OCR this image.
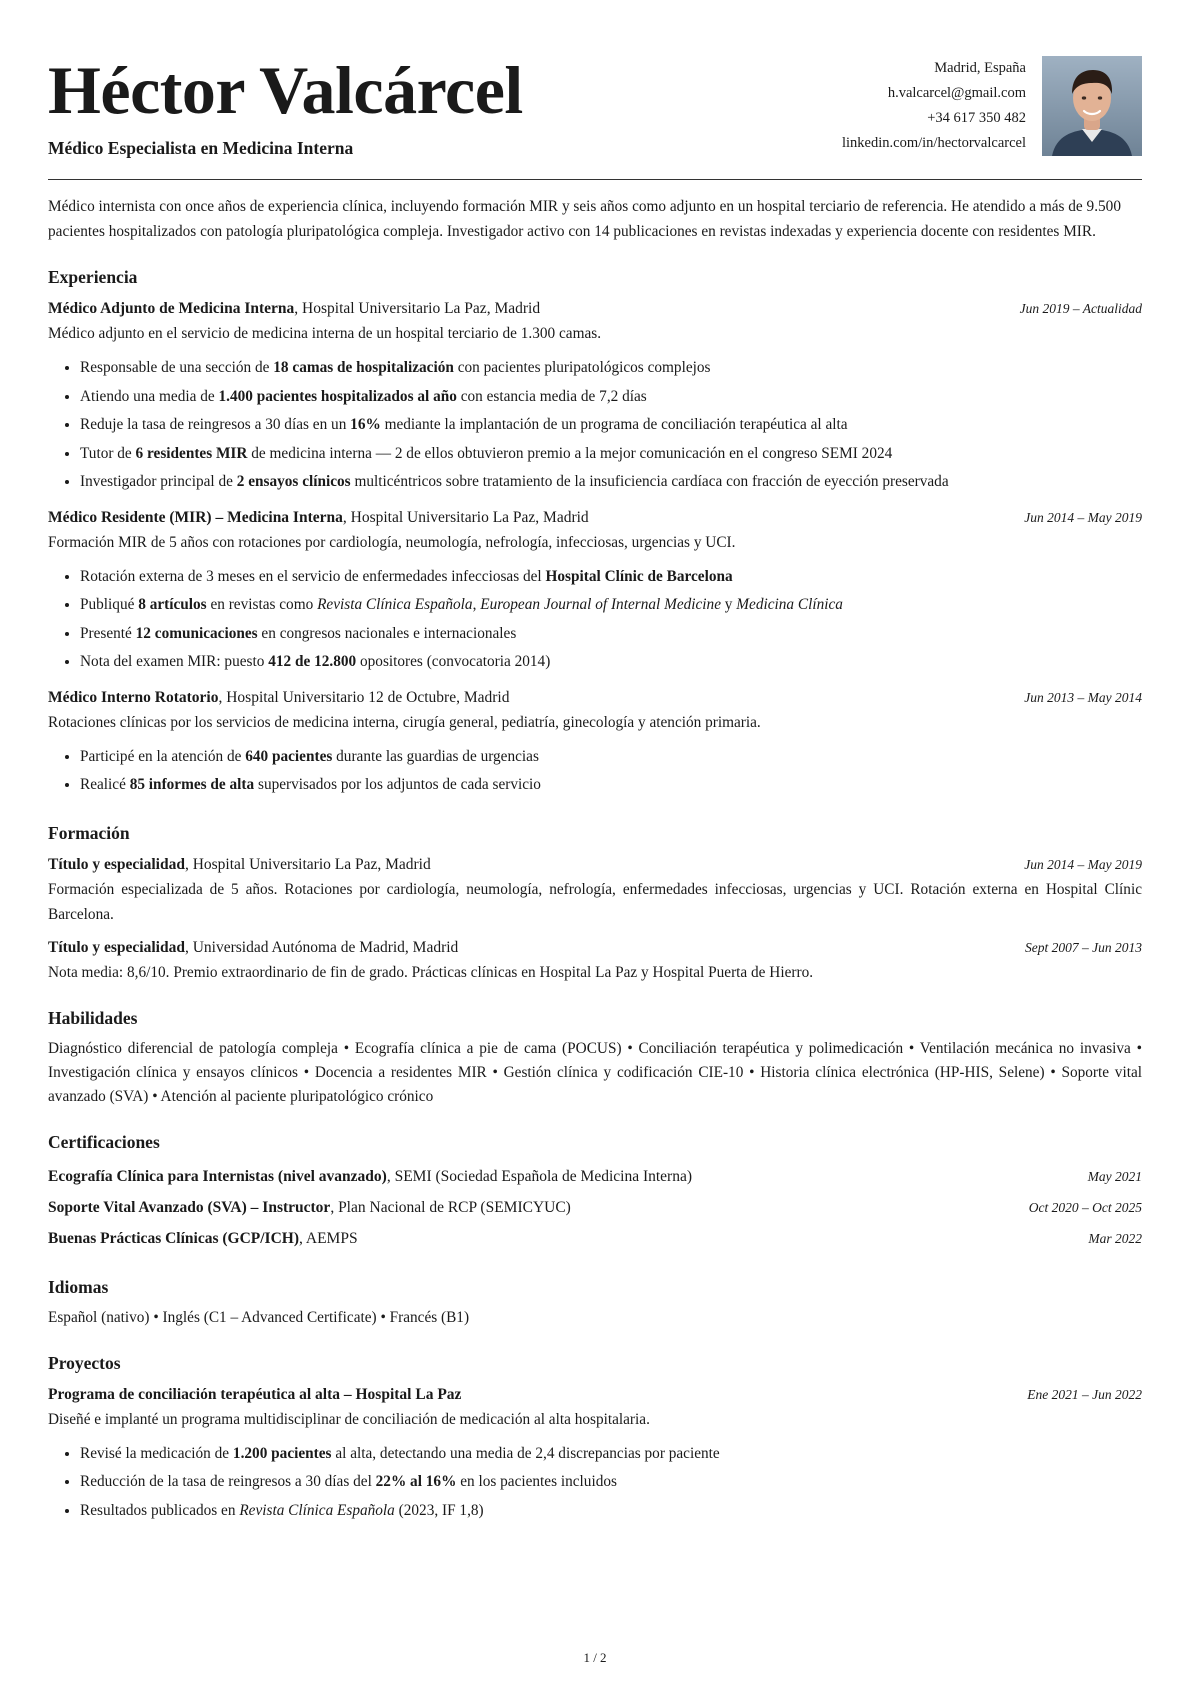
Héctor Valcárcel
Médico Especialista en Medicina Interna
Madrid, España
h.valcarcel@gmail.com
+34 617 350 482
linkedin.com/in/hectorvalcarcel

Médico internista con once años de experiencia clínica, incluyendo formación MIR y seis años como adjunto en un hospital terciario de referencia. He atendido a más de 9.500 pacientes hospitalizados con patología pluripatológica compleja. Investigador activo con 14 publicaciones en revistas indexadas y experiencia docente con residentes MIR.

Experiencia
Médico Adjunto de Medicina Interna, Hospital Universitario La Paz, Madrid	Jun 2019 – Actualidad
Médico adjunto en el servicio de medicina interna de un hospital terciario de 1.300 camas.
• Responsable de una sección de 18 camas de hospitalización con pacientes pluripatológicos complejos
• Atiendo una media de 1.400 pacientes hospitalizados al año con estancia media de 7,2 días
• Reduje la tasa de reingresos a 30 días en un 16% mediante la implantación de un programa de conciliación terapéutica al alta
• Tutor de 6 residentes MIR de medicina interna — 2 de ellos obtuvieron premio a la mejor comunicación en el congreso SEMI 2024
• Investigador principal de 2 ensayos clínicos multicéntricos sobre tratamiento de la insuficiencia cardíaca con fracción de eyección preservada
Médico Residente (MIR) – Medicina Interna, Hospital Universitario La Paz, Madrid	Jun 2014 – May 2019
Formación MIR de 5 años con rotaciones por cardiología, neumología, nefrología, infecciosas, urgencias y UCI.
• Rotación externa de 3 meses en el servicio de enfermedades infecciosas del Hospital Clínic de Barcelona
• Publiqué 8 artículos en revistas como Revista Clínica Española, European Journal of Internal Medicine y Medicina Clínica
• Presenté 12 comunicaciones en congresos nacionales e internacionales
• Nota del examen MIR: puesto 412 de 12.800 opositores (convocatoria 2014)
Médico Interno Rotatorio, Hospital Universitario 12 de Octubre, Madrid	Jun 2013 – May 2014
Rotaciones clínicas por los servicios de medicina interna, cirugía general, pediatría, ginecología y atención primaria.
• Participé en la atención de 640 pacientes durante las guardias de urgencias
• Realicé 85 informes de alta supervisados por los adjuntos de cada servicio
Formación
Título y especialidad, Hospital Universitario La Paz, Madrid	Jun 2014 – May 2019
Formación especializada de 5 años. Rotaciones por cardiología, neumología, nefrología, enfermedades infecciosas, urgencias y UCI. Rotación externa en Hospital Clínic Barcelona.
Título y especialidad, Universidad Autónoma de Madrid, Madrid	Sept 2007 – Jun 2013
Nota media: 8,6/10. Premio extraordinario de fin de grado. Prácticas clínicas en Hospital La Paz y Hospital Puerta de Hierro.
Habilidades
Diagnóstico diferencial de patología compleja • Ecografía clínica a pie de cama (POCUS) • Conciliación terapéutica y polimedicación • Ventilación mecánica no invasiva • Investigación clínica y ensayos clínicos • Docencia a residentes MIR • Gestión clínica y codificación CIE-10 • Historia clínica electrónica (HP-HIS, Selene) • Soporte vital avanzado (SVA) • Atención al paciente pluripatológico crónico
Certificaciones
Ecografía Clínica para Internistas (nivel avanzado), SEMI (Sociedad Española de Medicina Interna)	May 2021
Soporte Vital Avanzado (SVA) – Instructor, Plan Nacional de RCP (SEMICYUC)	Oct 2020 – Oct 2025
Buenas Prácticas Clínicas (GCP/ICH), AEMPS	Mar 2022
Idiomas
Español (nativo) • Inglés (C1 – Advanced Certificate) • Francés (B1)
Proyectos
Programa de conciliación terapéutica al alta – Hospital La Paz	Ene 2021 – Jun 2022
Diseñé e implanté un programa multidisciplinar de conciliación de medicación al alta hospitalaria.
• Revisé la medicación de 1.200 pacientes al alta, detectando una media de 2,4 discrepancias por paciente
• Reducción de la tasa de reingresos a 30 días del 22% al 16% en los pacientes incluidos
• Resultados publicados en Revista Clínica Española (2023, IF 1,8)
1 / 2
